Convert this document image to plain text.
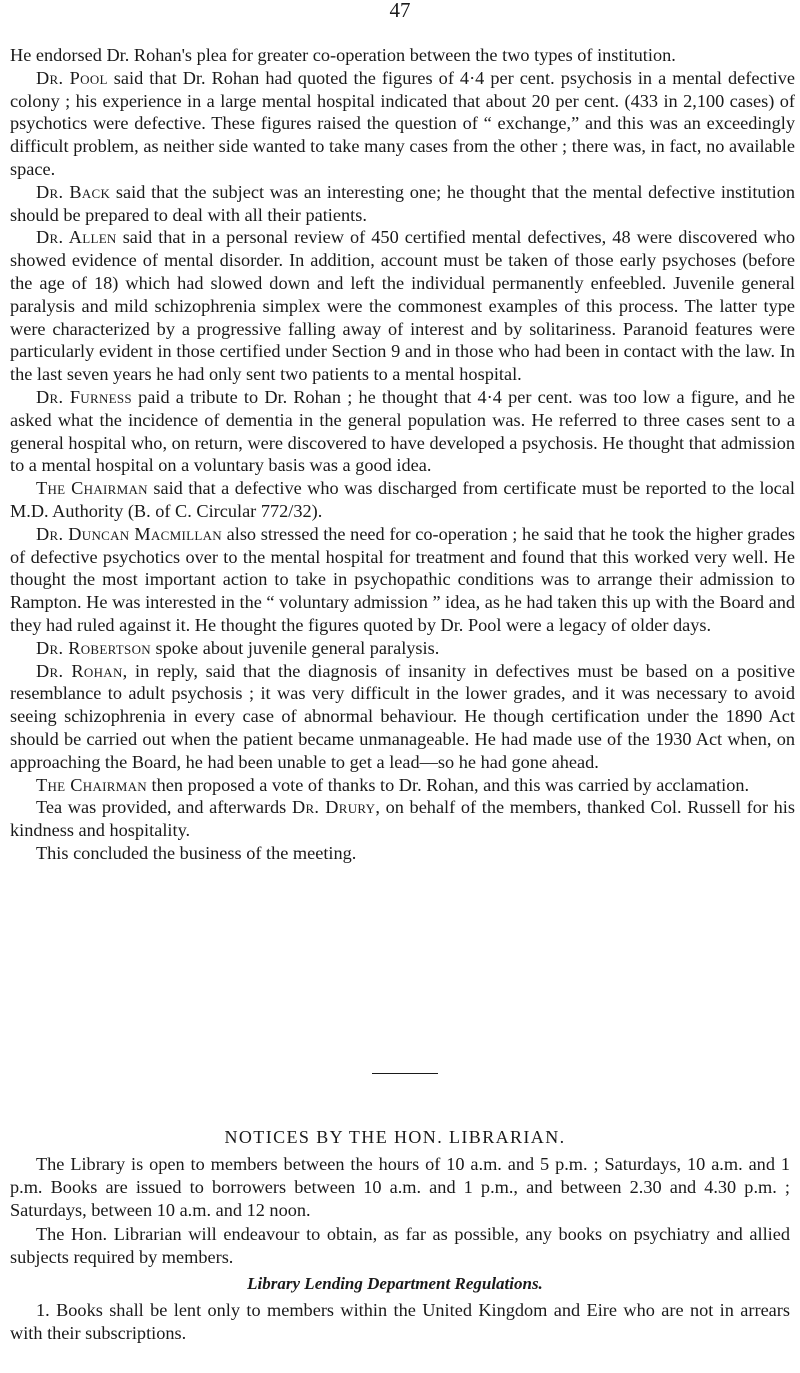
47

He endorsed Dr. Rohan's plea for greater co-operation between the two types of institution.

Dr. Pool said that Dr. Rohan had quoted the figures of 4·4 per cent. psychosis in a mental defective colony ; his experience in a large mental hospital indicated that about 20 per cent. (433 in 2,100 cases) of psychotics were defective. These figures raised the question of “ exchange,” and this was an exceedingly difficult problem, as neither side wanted to take many cases from the other ; there was, in fact, no available space.

Dr. Back said that the subject was an interesting one; he thought that the mental defective institution should be prepared to deal with all their patients.

Dr. Allen said that in a personal review of 450 certified mental defectives, 48 were discovered who showed evidence of mental disorder. In addition, account must be taken of those early psychoses (before the age of 18) which had slowed down and left the individual permanently enfeebled. Juvenile general paralysis and mild schizophrenia simplex were the commonest examples of this process. The latter type were characterized by a progressive falling away of interest and by solitariness. Paranoid features were particularly evident in those certified under Section 9 and in those who had been in contact with the law. In the last seven years he had only sent two patients to a mental hospital.

Dr. Furness paid a tribute to Dr. Rohan ; he thought that 4·4 per cent. was too low a figure, and he asked what the incidence of dementia in the general population was. He referred to three cases sent to a general hospital who, on return, were discovered to have developed a psychosis. He thought that admission to a mental hospital on a voluntary basis was a good idea.

The Chairman said that a defective who was discharged from certificate must be reported to the local M.D. Authority (B. of C. Circular 772/32).

Dr. Duncan Macmillan also stressed the need for co-operation ; he said that he took the higher grades of defective psychotics over to the mental hospital for treatment and found that this worked very well. He thought the most important action to take in psychopathic conditions was to arrange their admission to Rampton. He was interested in the “ voluntary admission ” idea, as he had taken this up with the Board and they had ruled against it. He thought the figures quoted by Dr. Pool were a legacy of older days.

Dr. Robertson spoke about juvenile general paralysis.

Dr. Rohan, in reply, said that the diagnosis of insanity in defectives must be based on a positive resemblance to adult psychosis ; it was very difficult in the lower grades, and it was necessary to avoid seeing schizophrenia in every case of abnormal behaviour. He though certification under the 1890 Act should be carried out when the patient became unmanageable. He had made use of the 1930 Act when, on approaching the Board, he had been unable to get a lead—so he had gone ahead.

The Chairman then proposed a vote of thanks to Dr. Rohan, and this was carried by acclamation.

Tea was provided, and afterwards Dr. Drury, on behalf of the members, thanked Col. Russell for his kindness and hospitality.

This concluded the business of the meeting.

NOTICES BY THE HON. LIBRARIAN.

The Library is open to members between the hours of 10 a.m. and 5 p.m. ; Saturdays, 10 a.m. and 1 p.m. Books are issued to borrowers between 10 a.m. and 1 p.m., and between 2.30 and 4.30 p.m. ; Saturdays, between 10 a.m. and 12 noon.

The Hon. Librarian will endeavour to obtain, as far as possible, any books on psychiatry and allied subjects required by members.

Library Lending Department Regulations.

1. Books shall be lent only to members within the United Kingdom and Eire who are not in arrears with their subscriptions.
